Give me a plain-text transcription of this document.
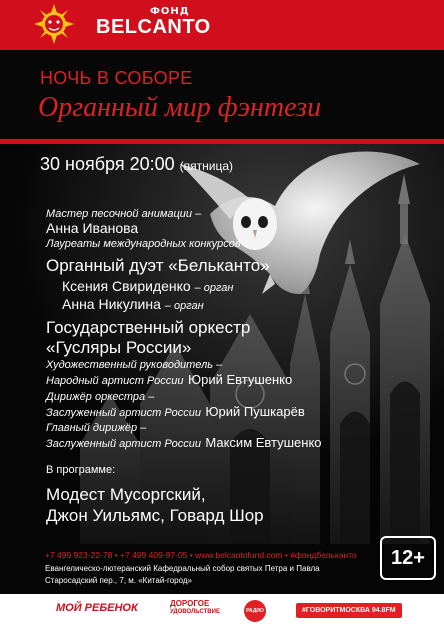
ФОНД
BELCANTO
НОЧЬ В СОБОРЕ
Органный мир фэнтези
30 ноября 20:00 (пятница)
Мастер песочной анимации –
Анна Иванова
Лауреаты международных конкурсов
Органный дуэт «Бельканто»
Ксения Свириденко – орган
Анна Никулина – орган
Государственный оркестр
«Гусляры России»
Художественный руководитель –
Народный артист России Юрий Евтушенко
Дирижёр оркестра –
Заслуженный артист России Юрий Пушкарёв
Главный дирижёр –
Заслуженный артист России Максим Евтушенко
В программе:
Модест Мусоргский,
Джон Уильямс, Говард Шор
+7 499 923-22-78 • +7 499 409-97-05 • www.belcantofund.com • #фондбельканто
Евангелическо-лютеранский Кафедральный собор святых Петра и Павла
Старосадский пер., 7, м. «Китай-город»
12+
МОЙ РЕБЕНОК	ДОРОГОЕ
УДОВОЛЬСТВИЕ	РАДИО	#ГОВОРИТМОСКВА 94.8FM
